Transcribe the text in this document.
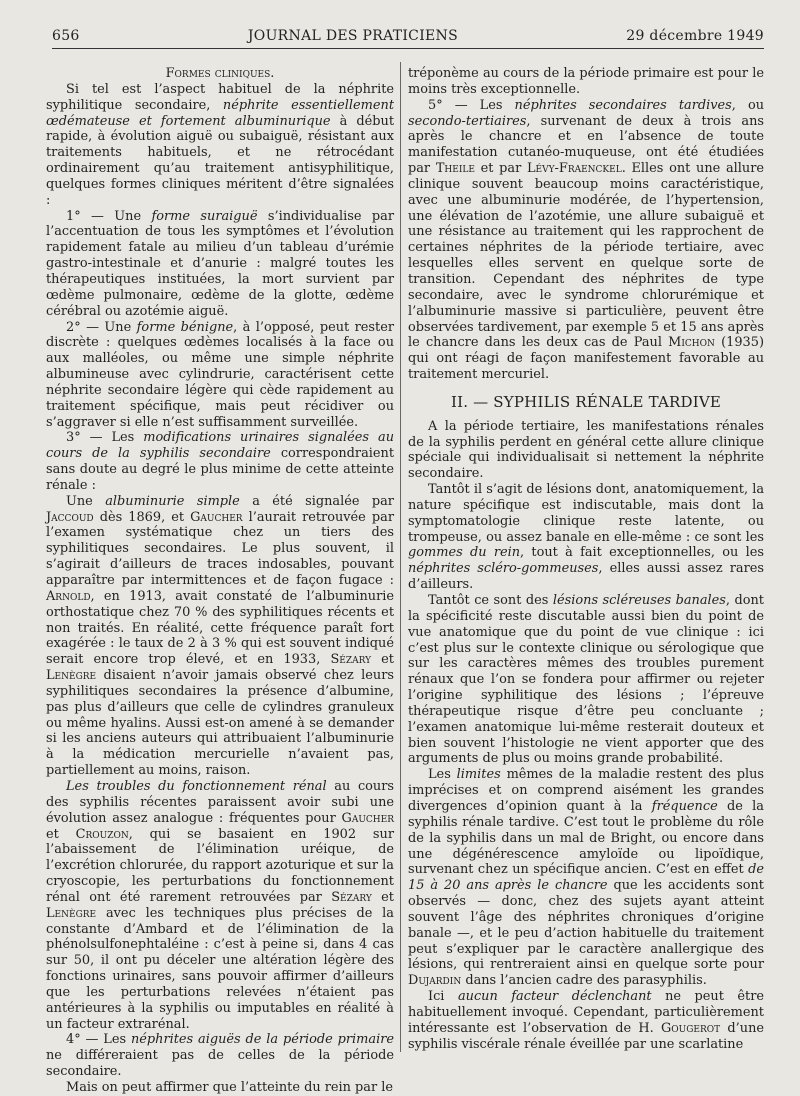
656	JOURNAL DES PRATICIENS	29 décembre 1949

Formes cliniques.

Si tel est l’aspect habituel de la néphrite syphilitique secondaire, néphrite essentiellement œdémateuse et fortement albuminurique à début rapide, à évolution aiguë ou subaiguë, résistant aux traitements habituels, et ne rétrocédant ordinairement qu’au traitement antisyphilitique, quelques formes cliniques méritent d’être signalées :

1° — Une forme suraiguë s’individualise par l’accentuation de tous les symptômes et l’évolution rapidement fatale au milieu d’un tableau d’urémie gastro-intestinale et d’anurie : malgré toutes les thérapeutiques instituées, la mort survient par œdème pulmonaire, œdème de la glotte, œdème cérébral ou azotémie aiguë.

2° — Une forme bénigne, à l’opposé, peut rester discrète : quelques œdèmes localisés à la face ou aux malléoles, ou même une simple néphrite albumineuse avec cylindrurie, caractérisent cette néphrite secondaire légère qui cède rapidement au traitement spécifique, mais peut récidiver ou s’aggraver si elle n’est suffisamment surveillée.

3° — Les modifications urinaires signalées au cours de la syphilis secondaire correspondraient sans doute au degré le plus minime de cette atteinte rénale :

Une albuminurie simple a été signalée par Jaccoud dès 1869, et Gaucher l’aurait retrouvée par l’examen systématique chez un tiers des syphilitiques secondaires. Le plus souvent, il s’agirait d’ailleurs de traces indosables, pouvant apparaître par intermittences et de façon fugace : Arnold, en 1913, avait constaté de l’albuminurie orthostatique chez 70 % des syphilitiques récents et non traités. En réalité, cette fréquence paraît fort exagérée : le taux de 2 à 3 % qui est souvent indiqué serait encore trop élevé, et en 1933, Sézary et Lenègre disaient n’avoir jamais observé chez leurs syphilitiques secondaires la présence d’albumine, pas plus d’ailleurs que celle de cylindres granuleux ou même hyalins. Aussi est-on amené à se demander si les anciens auteurs qui attribuaient l’albuminurie à la médication mercurielle n’avaient pas, partiellement au moins, raison.

Les troubles du fonctionnement rénal au cours des syphilis récentes paraissent avoir subi une évolution assez analogue : fréquentes pour Gaucher et Crouzon, qui se basaient en 1902 sur l’abaissement de l’élimination uréique, de l’excrétion chlorurée, du rapport azoturique et sur la cryoscopie, les perturbations du fonctionnement rénal ont été rarement retrouvées par Sézary et Lenègre avec les techniques plus précises de la constante d’Ambard et de l’élimination de la phénolsulfonephtaléine : c’est à peine si, dans 4 cas sur 50, il ont pu déceler une altération légère des fonctions urinaires, sans pouvoir affirmer d’ailleurs que les perturbations relevées n’étaient pas antérieures à la syphilis ou imputables en réalité à un facteur extrarénal.

4° — Les néphrites aiguës de la période primaire ne différeraient pas de celles de la période secondaire.

Mais on peut affirmer que l’atteinte du rein par le

tréponème au cours de la période primaire est pour le moins très exceptionnelle.

5° — Les néphrites secondaires tardives, ou secondo-tertiaires, survenant de deux à trois ans après le chancre et en l’absence de toute manifestation cutanéo-muqueuse, ont été étudiées par Theile et par Lévy-Fraenckel. Elles ont une allure clinique souvent beaucoup moins caractéristique, avec une albuminurie modérée, de l’hypertension, une élévation de l’azotémie, une allure subaiguë et une résistance au traitement qui les rapprochent de certaines néphrites de la période tertiaire, avec lesquelles elles servent en quelque sorte de transition. Cependant des néphrites de type secondaire, avec le syndrome chlorurémique et l’albuminurie massive si particulière, peuvent être observées tardivement, par exemple 5 et 15 ans après le chancre dans les deux cas de Paul Michon (1935) qui ont réagi de façon manifestement favorable au traitement mercuriel.

II. — SYPHILIS RÉNALE TARDIVE

A la période tertiaire, les manifestations rénales de la syphilis perdent en général cette allure clinique spéciale qui individualisait si nettement la néphrite secondaire.

Tantôt il s’agit de lésions dont, anatomiquement, la nature spécifique est indiscutable, mais dont la symptomatologie clinique reste latente, ou trompeuse, ou assez banale en elle-même : ce sont les gommes du rein, tout à fait exceptionnelles, ou les néphrites scléro-gommeuses, elles aussi assez rares d’ailleurs.

Tantôt ce sont des lésions scléreuses banales, dont la spécificité reste discutable aussi bien du point de vue anatomique que du point de vue clinique : ici c’est plus sur le contexte clinique ou sérologique que sur les caractères mêmes des troubles purement rénaux que l’on se fondera pour affirmer ou rejeter l’origine syphilitique des lésions ; l’épreuve thérapeutique risque d’être peu concluante ; l’examen anatomique lui-même resterait douteux et bien souvent l’histologie ne vient apporter que des arguments de plus ou moins grande probabilité.

Les limites mêmes de la maladie restent des plus imprécises et on comprend aisément les grandes divergences d’opinion quant à la fréquence de la syphilis rénale tardive. C’est tout le problème du rôle de la syphilis dans un mal de Bright, ou encore dans une dégénérescence amyloïde ou lipoïdique, survenant chez un spécifique ancien. C’est en effet de 15 à 20 ans après le chancre que les accidents sont observés — donc, chez des sujets ayant atteint souvent l’âge des néphrites chroniques d’origine banale —, et le peu d’action habituelle du traitement peut s’expliquer par le caractère anallergique des lésions, qui rentreraient ainsi en quelque sorte pour Dujardin dans l’ancien cadre des parasyphilis.

Ici aucun facteur déclenchant ne peut être habituellement invoqué. Cependant, particulièrement intéressante est l’observation de H. Gougerot d’une syphilis viscérale rénale éveillée par une scarlatine
